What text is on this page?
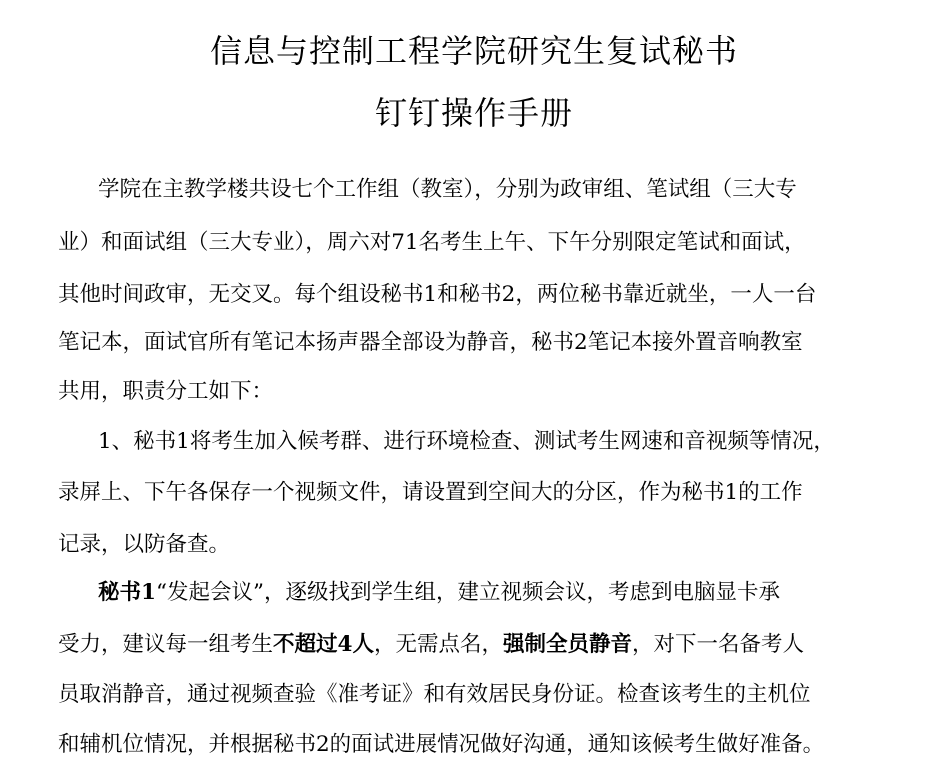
信息与控制工程学院研究生复试秘书
钉钉操作手册
学院在主教学楼共设七个工作组（教室），分别为政审组、笔试组（三大专
业）和面试组（三大专业），周六对71名考生上午、下午分别限定笔试和面试，
其他时间政审，无交叉。每个组设秘书1和秘书2，两位秘书靠近就坐，一人一台
笔记本，面试官所有笔记本扬声器全部设为静音，秘书2笔记本接外置音响教室
共用，职责分工如下：
1、秘书1将考生加入候考群、进行环境检查、测试考生网速和音视频等情况，
录屏上、下午各保存一个视频文件，请设置到空间大的分区，作为秘书1的工作
记录，以防备查。
秘书1“发起会议”，逐级找到学生组，建立视频会议，考虑到电脑显卡承
受力，建议每一组考生不超过4人，无需点名，强制全员静音，对下一名备考人
员取消静音，通过视频查验《准考证》和有效居民身份证。检查该考生的主机位
和辅机位情况，并根据秘书2的面试进展情况做好沟通，通知该候考生做好准备。
